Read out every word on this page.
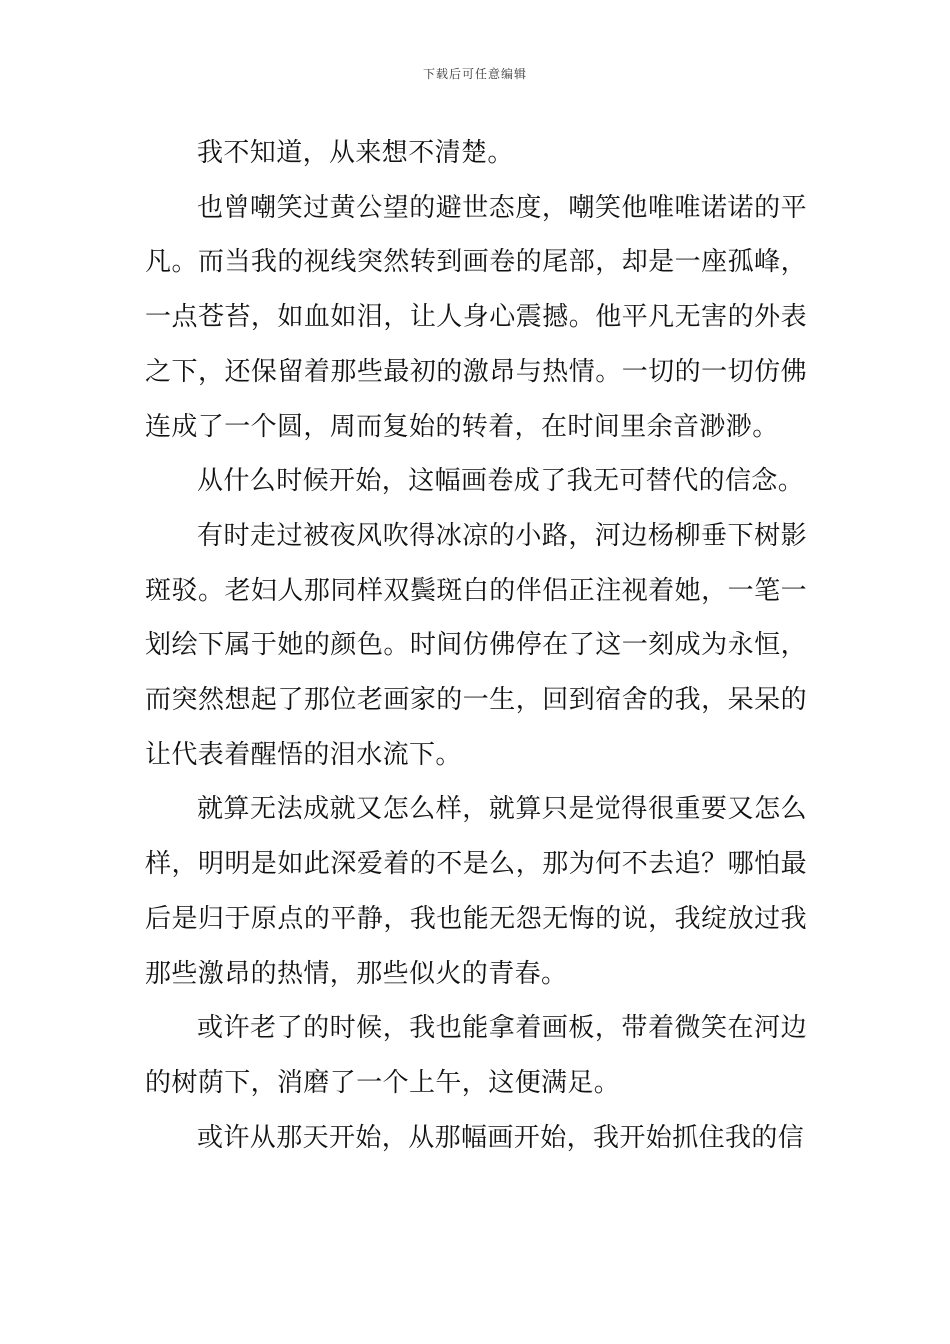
下载后可任意编辑

我不知道，从来想不清楚。

也曾嘲笑过黄公望的避世态度，嘲笑他唯唯诺诺的平凡。而当我的视线突然转到画卷的尾部，却是一座孤峰，一点苍苔，如血如泪，让人身心震撼。他平凡无害的外表之下，还保留着那些最初的激昂与热情。一切的一切仿佛连成了一个圆，周而复始的转着，在时间里余音渺渺。

从什么时候开始，这幅画卷成了我无可替代的信念。

有时走过被夜风吹得冰凉的小路，河边杨柳垂下树影斑驳。老妇人那同样双鬓斑白的伴侣正注视着她，一笔一划绘下属于她的颜色。时间仿佛停在了这一刻成为永恒，而突然想起了那位老画家的一生，回到宿舍的我，呆呆的让代表着醒悟的泪水流下。

就算无法成就又怎么样，就算只是觉得很重要又怎么样，明明是如此深爱着的不是么，那为何不去追？哪怕最后是归于原点的平静，我也能无怨无悔的说，我绽放过我那些激昂的热情，那些似火的青春。

或许老了的时候，我也能拿着画板，带着微笑在河边的树荫下，消磨了一个上午，这便满足。

或许从那天开始，从那幅画开始，我开始抓住我的信
